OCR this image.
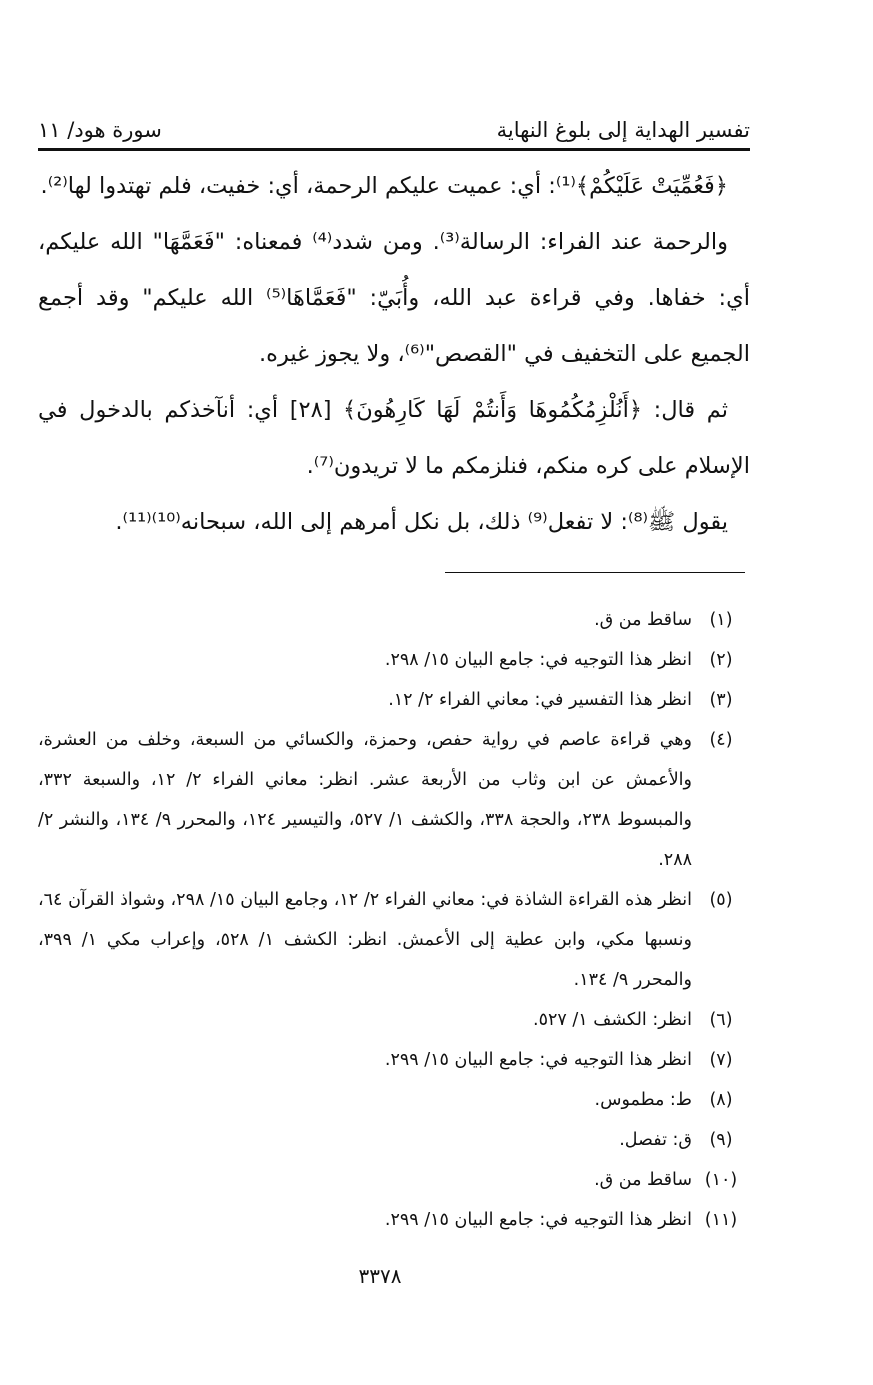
تفسير الهداية إلى بلوغ النهاية
سورة هود/ ١١

﴿فَعُمِّيَتْ عَلَيْكُمْ﴾⁽¹⁾: أي: عميت عليكم الرحمة، أي: خفيت، فلم تهتدوا لها⁽²⁾.

والرحمة عند الفراء: الرسالة⁽³⁾. ومن شدد⁽⁴⁾ فمعناه: "فَعَمَّهَا" الله عليكم، أي: خفاها. وفي قراءة عبد الله، وأُبَيّ: "فَعَمَّاهَا⁽⁵⁾ الله عليكم" وقد أجمع الجميع على التخفيف في "القصص"⁽⁶⁾، ولا يجوز غيره.

ثم قال: ﴿أَنُلْزِمُكُمُوهَا وَأَنتُمْ لَهَا كَارِهُونَ﴾ [٢٨] أي: أنآخذكم بالدخول في الإسلام على كره منكم، فنلزمكم ما لا تريدون⁽⁷⁾.

يقول ﷺ⁽⁸⁾: لا تفعل⁽⁹⁾ ذلك، بل نكل أمرهم إلى الله، سبحانه⁽¹⁰⁾⁽¹¹⁾.

(١)
ساقط من ق.
(٢)
انظر هذا التوجيه في: جامع البيان ١٥/ ٢٩٨.
(٣)
انظر هذا التفسير في: معاني الفراء ٢/ ١٢.
(٤)
وهي قراءة عاصم في رواية حفص، وحمزة، والكسائي من السبعة، وخلف من العشرة، والأعمش عن ابن وثاب من الأربعة عشر. انظر: معاني الفراء ٢/ ١٢، والسبعة ٣٣٢، والمبسوط ٢٣٨، والحجة ٣٣٨، والكشف ١/ ٥٢٧، والتيسير ١٢٤، والمحرر ٩/ ١٣٤، والنشر ٢/ ٢٨٨.
(٥)
انظر هذه القراءة الشاذة في: معاني الفراء ٢/ ١٢، وجامع البيان ١٥/ ٢٩٨، وشواذ القرآن ٦٤، ونسبها مكي، وابن عطية إلى الأعمش. انظر: الكشف ١/ ٥٢٨، وإعراب مكي ١/ ٣٩٩، والمحرر ٩/ ١٣٤.
(٦)
انظر: الكشف ١/ ٥٢٧.
(٧)
انظر هذا التوجيه في: جامع البيان ١٥/ ٢٩٩.
(٨)
ط: مطموس.
(٩)
ق: تفصل.
(١٠)
ساقط من ق.
(١١)
انظر هذا التوجيه في: جامع البيان ١٥/ ٢٩٩.
٣٣٧٨
